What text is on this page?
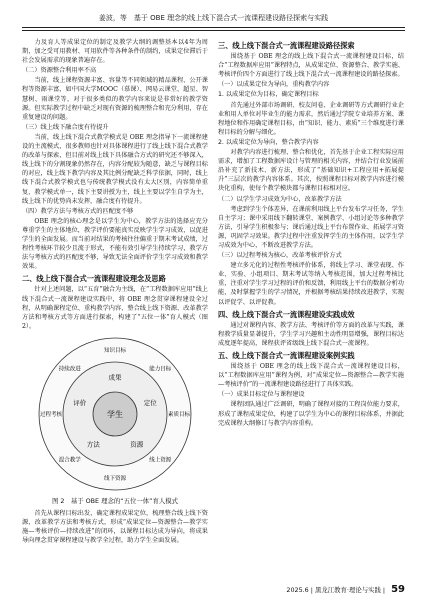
姜波，等　基于 OBE 理念的线上线下混合式一流课程建设路径探索与实践

力及育人等成果定位的制定及教学大纲的调整基本以4年为周期，加之受可用教材、可用软件等各种条件的制约，成果定位滞后于社会发展需求的现象普遍存在。

（二）资源整合利用率不高

当前，线上课程资源丰富、容量等不同领域的精品课程、公开课程等资源丰富，如中国大学MOOC（慕课）、网易云课堂、超星、智慧树、雨课堂等，对于很多类似的教学内容来说是非常好的教学资源。但实际教学过程中缺乏对现有资源的梳理整合和充分利用，存在重复建设的问题。

（三）线上线下融合度有待提升

当前，线上线下混合式教学模式是 OBE 理念指导下一流课程建设的主流模式，很多教师也针对具体课程进行了线上线下混合式教学的改革与探索，但目前对线上线下具体融合方式的研究还不够深入，线上线下的分割现象仍然存在，内容分配较为随意，缺乏与课程目标的对应，线上线下教学内容及其比例分配缺乏科学依据，同时，线上线下混合式教学模式也与传统教学模式没有太大区别，内容简单重复、教学模式单一，线下主要讲授为主，线上主要以学生自学为主，线上线下的优势尚未发挥，融合度有待提升。

（四）教学方法与考核方式的匹配度不够

OBE 理念的核心理念是以学生为中心，教学方法的选择应充分尊重学生的主体地位，教学评价要能真实反映学生学习成效，以促进学生的全面发展。而当前对结果的考核往往偏重于期末考试成绩，过程性考核环节较少且流于形式，不能有效引导学生持续学习，教学方法与考核方式的匹配度不够，导致无法全面评价学生学习成效和教学效果。

二、线上线下混合式一流课程建设理念及思路

针对上述问题，以“五育”融合为主线，在“工程数据库应用”线上线下混合式一流课程建设实践中，将 OBE 理念贯穿课程建设全过程，从明确课程定位、重构教学内容、整合线上线下资源、改革教学方法和考核方式等方面进行探索，构建了“五位一体”育人模式（图2）。

学生
成果
定位
资源
方法
评价
知识目标
能力目标
素质目标
线上资源
线下资源
混合教学
过程考核
持续改进

图 2　基于 OBE 理念的“五位一体”育人模式

首先从课程目标出发，确定课程成果定位，梳理整合线上线下资源，改革教学方法和考核方式，形成“成果定位—资源整合—教学实施—考核评价—持续改进”的闭环，以课程目标达成为导向，将成果导向理念贯穿课程建设与教学全过程，助力学生全面发展。

三、线上线下混合式一流课程建设路径探索

围绕基于 OBE 理念的线上线下混合式一流课程建设目标，结合“工程数据库应用”课程特点，从成果定位、资源整合、教学实施、考核评价四个方面进行了线上线下混合式一流课程建设的路径探索。

（一）以成果定位为导向，重构教学内容

1. 以成果定位为目标，确定课程目标

首先通过外部市场调研、校友问卷、企业调研等方式调研行业企业和用人单位对毕业生的能力需求，然后通过学院专业培养方案、课程地位和作用确定课程目标，由“知识、能力、素质”三个维度进行课程目标的分解与细化。

2. 以成果定位为导向，整合教学内容

对教学内容进行梳理、整合和优化，首先基于企业工程实际应用需求，增加了工程数据库设计与管理的相关内容，并结合行业发展前沿补充了新技术、新方法，形成了“基础知识+工程应用+拓展提升”三层次的教学内容体系。其次，按照课程目标对教学内容进行模块化重构，使每个教学模块都与课程目标相对应。

（二）以学生学习成效为中心，改革教学方法

考虑到学生个体差异，在课前利用线上平台发布学习任务，学生自主学习；课中采用线下翻转课堂、案例教学、小组讨论等多种教学方法，引导学生积极参与；课后通过线上平台布置作业、拓展学习资源，巩固学习效果。教学过程中注重发挥学生的主体作用，以学生学习成效为中心，不断改进教学方法。

（三）以过程考核为核心，改革考核评价方式

建立多元化的过程性考核评价体系，将线上学习、课堂表现、作业、实验、小组项目、期末考试等纳入考核范围，加大过程考核比重，注重对学生学习过程的评价和反馈，利用线上平台的数据分析功能，及时掌握学生的学习情况，并根据考核结果持续改进教学，实现以评促学、以评促教。

四、线上线下混合式一流课程建设实践成效

通过对课程内容、教学方法、考核评价等方面的改革与实践，课程教学质量显著提升，学生学习兴趣和主动性明显增强，课程目标达成度逐年提高，课程获评省级线上线下混合式一流课程。

五、线上线下混合式一流课程建设案例实践

围绕基于 OBE 理念的线上线下混合式一流课程建设目标，以“工程数据库应用”课程为例，对“成果定位—资源整合—教学实施—考核评价”的一流课程建设路径进行了具体实践。

（一）成果目标定位与课程建设

课程团队通过广泛调研，明确了课程对接的工程岗位能力要求，形成了课程成果定位，构建了以学生为中心的课程目标体系，并据此完成课程大纲修订与教学内容重构。

2025.6 | 黑龙江教育·理论与实践 | 59
